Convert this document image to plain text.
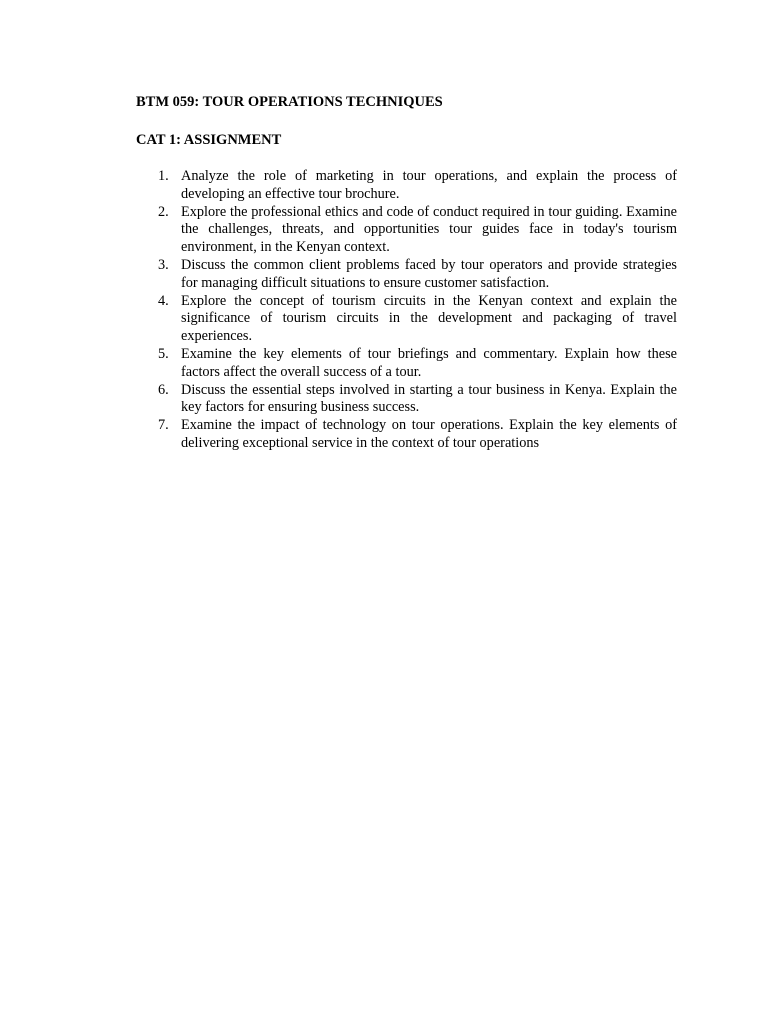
BTM 059: TOUR OPERATIONS TECHNIQUES

CAT 1: ASSIGNMENT

1. Analyze the role of marketing in tour operations, and explain the process of developing an effective tour brochure.
2. Explore the professional ethics and code of conduct required in tour guiding. Examine the challenges, threats, and opportunities tour guides face in today's tourism environment, in the Kenyan context.
3. Discuss the common client problems faced by tour operators and provide strategies for managing difficult situations to ensure customer satisfaction.
4. Explore the concept of tourism circuits in the Kenyan context and explain the significance of tourism circuits in the development and packaging of travel experiences.
5. Examine the key elements of tour briefings and commentary. Explain how these factors affect the overall success of a tour.
6. Discuss the essential steps involved in starting a tour business in Kenya. Explain the key factors for ensuring business success.
7. Examine the impact of technology on tour operations. Explain the key elements of delivering exceptional service in the context of tour operations
